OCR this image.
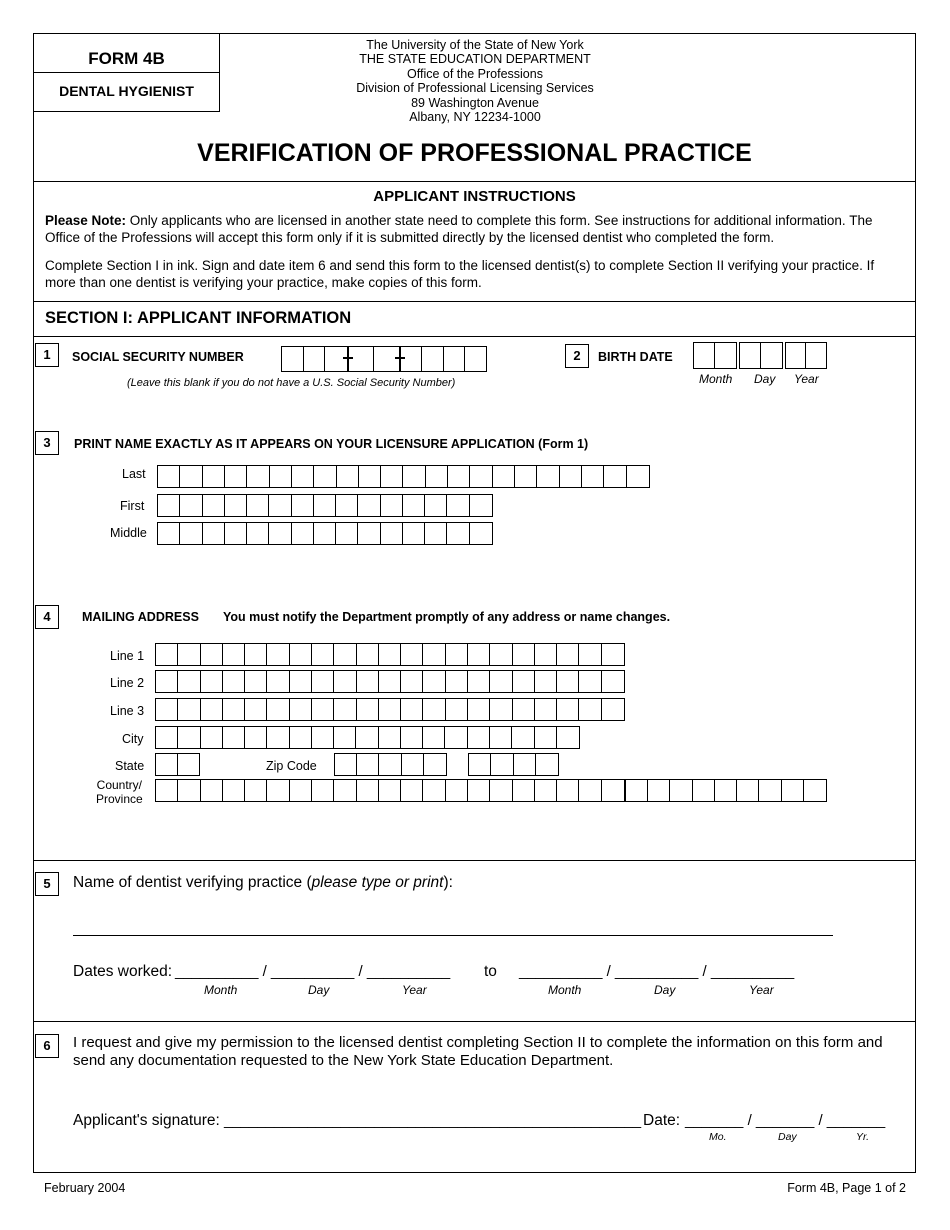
FORM 4B
DENTAL HYGIENIST
The University of the State of New York
THE STATE EDUCATION DEPARTMENT
Office of the Professions
Division of Professional Licensing Services
89 Washington Avenue
Albany, NY 12234-1000
VERIFICATION OF PROFESSIONAL PRACTICE
APPLICANT INSTRUCTIONS

Please Note: Only applicants who are licensed in another state need to complete this form. See instructions for additional information. The Office of the Professions will accept this form only if it is submitted directly by the licensed dentist who completed the form.

Complete Section I in ink. Sign and date item 6 and send this form to the licensed dentist(s) to complete Section II verifying your practice. If more than one dentist is verifying your practice, make copies of this form.

SECTION I: APPLICANT INFORMATION
1	SOCIAL SECURITY NUMBER
(Leave this blank if you do not have a U.S. Social Security Number)
2	BIRTH DATE
Month Day Year
3	PRINT NAME EXACTLY AS IT APPEARS ON YOUR LICENSURE APPLICATION (Form 1)
Last
First
Middle
4	MAILING ADDRESS You must notify the Department promptly of any address or name changes.
Line 1
Line 2
Line 3
City
State	Zip Code
Country/
Province
5	Name of dentist verifying practice (please type or print):
Dates worked: __________ / __________ / __________ to __________ / __________ / __________
Month	Day	Year	Month	Day	Year
6	I request and give my permission to the licensed dentist completing Section II to complete the information on this form and send any documentation requested to the New York State Education Department.

Applicant's signature: __________________________________________________ Date: _______ / _______ / _______
Mo.	Day	Yr.
February 2004	Form 4B, Page 1 of 2
